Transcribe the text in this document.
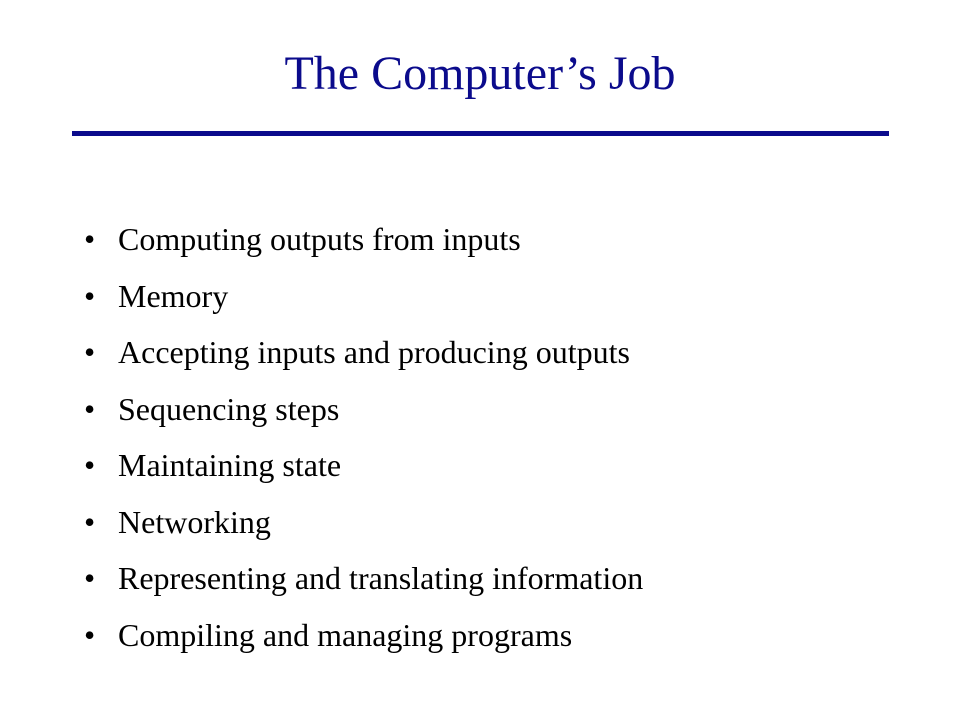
The Computer’s Job
• Computing outputs from inputs
• Memory
• Accepting inputs and producing outputs
• Sequencing steps
• Maintaining state
• Networking
• Representing and translating information
• Compiling and managing programs
